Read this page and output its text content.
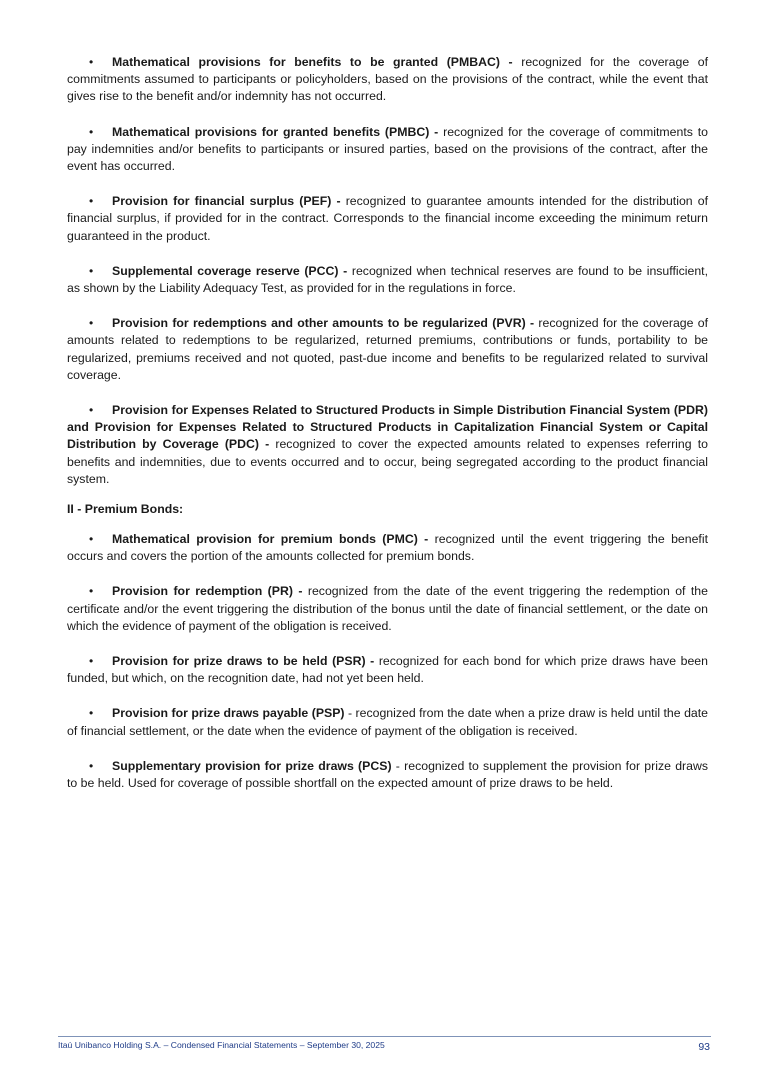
• Mathematical provisions for benefits to be granted (PMBAC) - recognized for the coverage of commitments assumed to participants or policyholders, based on the provisions of the contract, while the event that gives rise to the benefit and/or indemnity has not occurred.

• Mathematical provisions for granted benefits (PMBC) - recognized for the coverage of commitments to pay indemnities and/or benefits to participants or insured parties, based on the provisions of the contract, after the event has occurred.

• Provision for financial surplus (PEF) - recognized to guarantee amounts intended for the distribution of financial surplus, if provided for in the contract. Corresponds to the financial income exceeding the minimum return guaranteed in the product.

• Supplemental coverage reserve (PCC) - recognized when technical reserves are found to be insufficient, as shown by the Liability Adequacy Test, as provided for in the regulations in force.

• Provision for redemptions and other amounts to be regularized (PVR) - recognized for the coverage of amounts related to redemptions to be regularized, returned premiums, contributions or funds, portability to be regularized, premiums received and not quoted, past-due income and benefits to be regularized related to survival coverage.

• Provision for Expenses Related to Structured Products in Simple Distribution Financial System (PDR) and Provision for Expenses Related to Structured Products in Capitalization Financial System or Capital Distribution by Coverage (PDC) - recognized to cover the expected amounts related to expenses referring to benefits and indemnities, due to events occurred and to occur, being segregated according to the product financial system.

II - Premium Bonds:

• Mathematical provision for premium bonds (PMC) - recognized until the event triggering the benefit occurs and covers the portion of the amounts collected for premium bonds.

• Provision for redemption (PR) - recognized from the date of the event triggering the redemption of the certificate and/or the event triggering the distribution of the bonus until the date of financial settlement, or the date on which the evidence of payment of the obligation is received.

• Provision for prize draws to be held (PSR) - recognized for each bond for which prize draws have been funded, but which, on the recognition date, had not yet been held.

• Provision for prize draws payable (PSP) - recognized from the date when a prize draw is held until the date of financial settlement, or the date when the evidence of payment of the obligation is received.

• Supplementary provision for prize draws (PCS) - recognized to supplement the provision for prize draws to be held. Used for coverage of possible shortfall on the expected amount of prize draws to be held.

Itaú Unibanco Holding S.A. – Condensed Financial Statements – September 30, 2025	93
